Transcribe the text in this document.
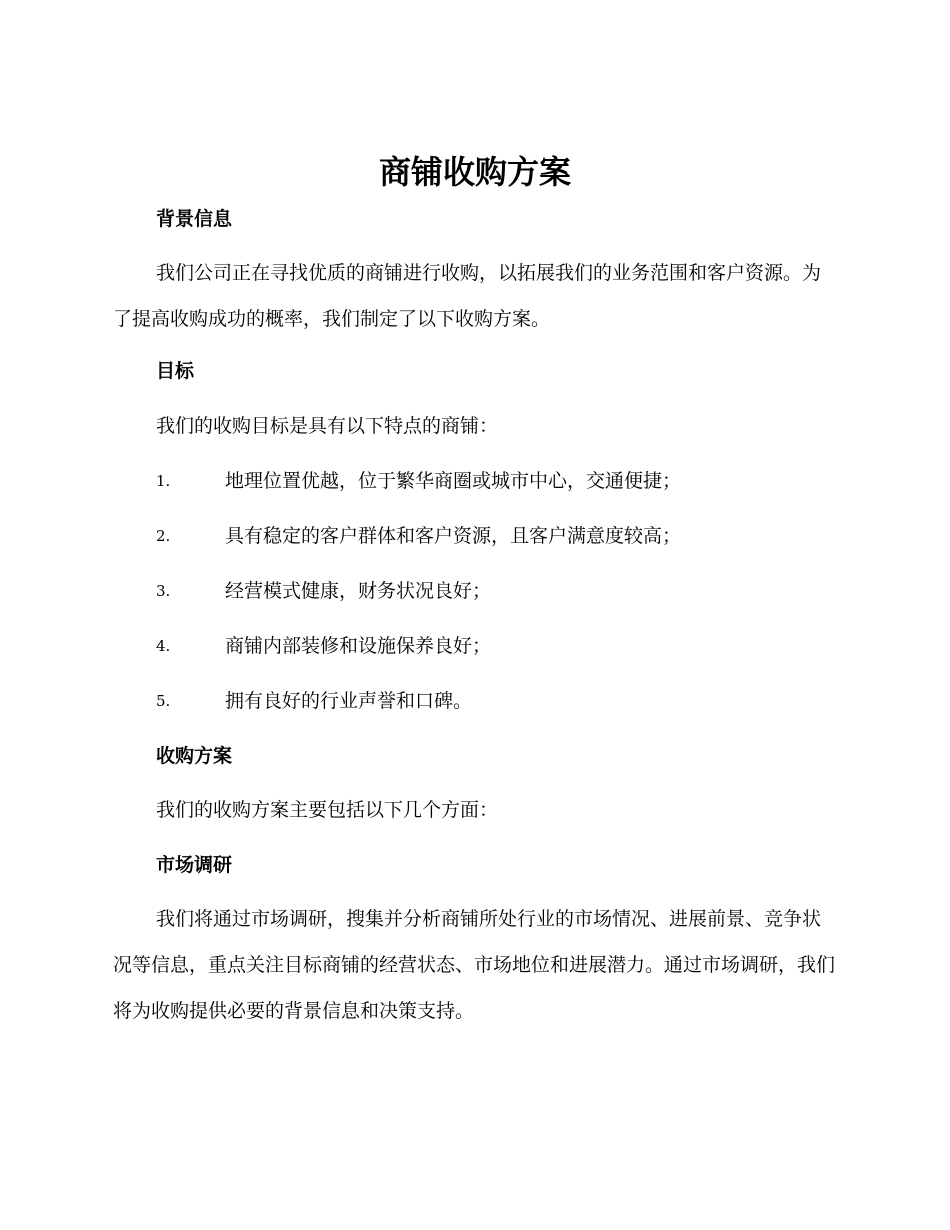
商铺收购方案
背景信息

我们公司正在寻找优质的商铺进行收购，以拓展我们的业务范围和客户资源。为了提高收购成功的概率，我们制定了以下收购方案。

目标

我们的收购目标是具有以下特点的商铺：

1.	地理位置优越，位于繁华商圈或城市中心，交通便捷；
2.	具有稳定的客户群体和客户资源，且客户满意度较高；
3.	经营模式健康，财务状况良好；
4.	商铺内部装修和设施保养良好；
5.	拥有良好的行业声誉和口碑。
收购方案

我们的收购方案主要包括以下几个方面：

市场调研

我们将通过市场调研，搜集并分析商铺所处行业的市场情况、进展前景、竞争状况等信息，重点关注目标商铺的经营状态、市场地位和进展潜力。通过市场调研，我们将为收购提供必要的背景信息和决策支持。
